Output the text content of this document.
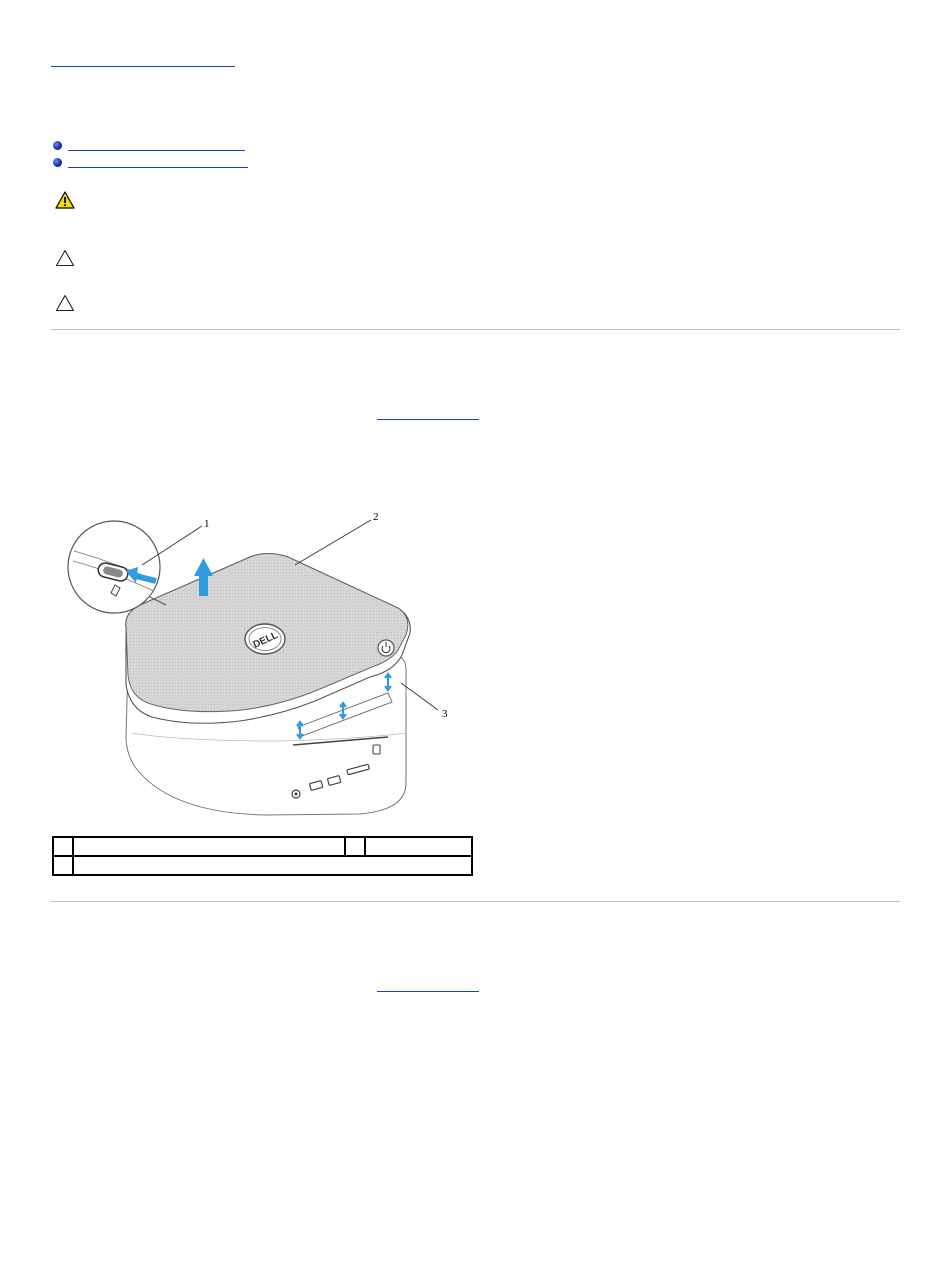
DELL
1
2
3
